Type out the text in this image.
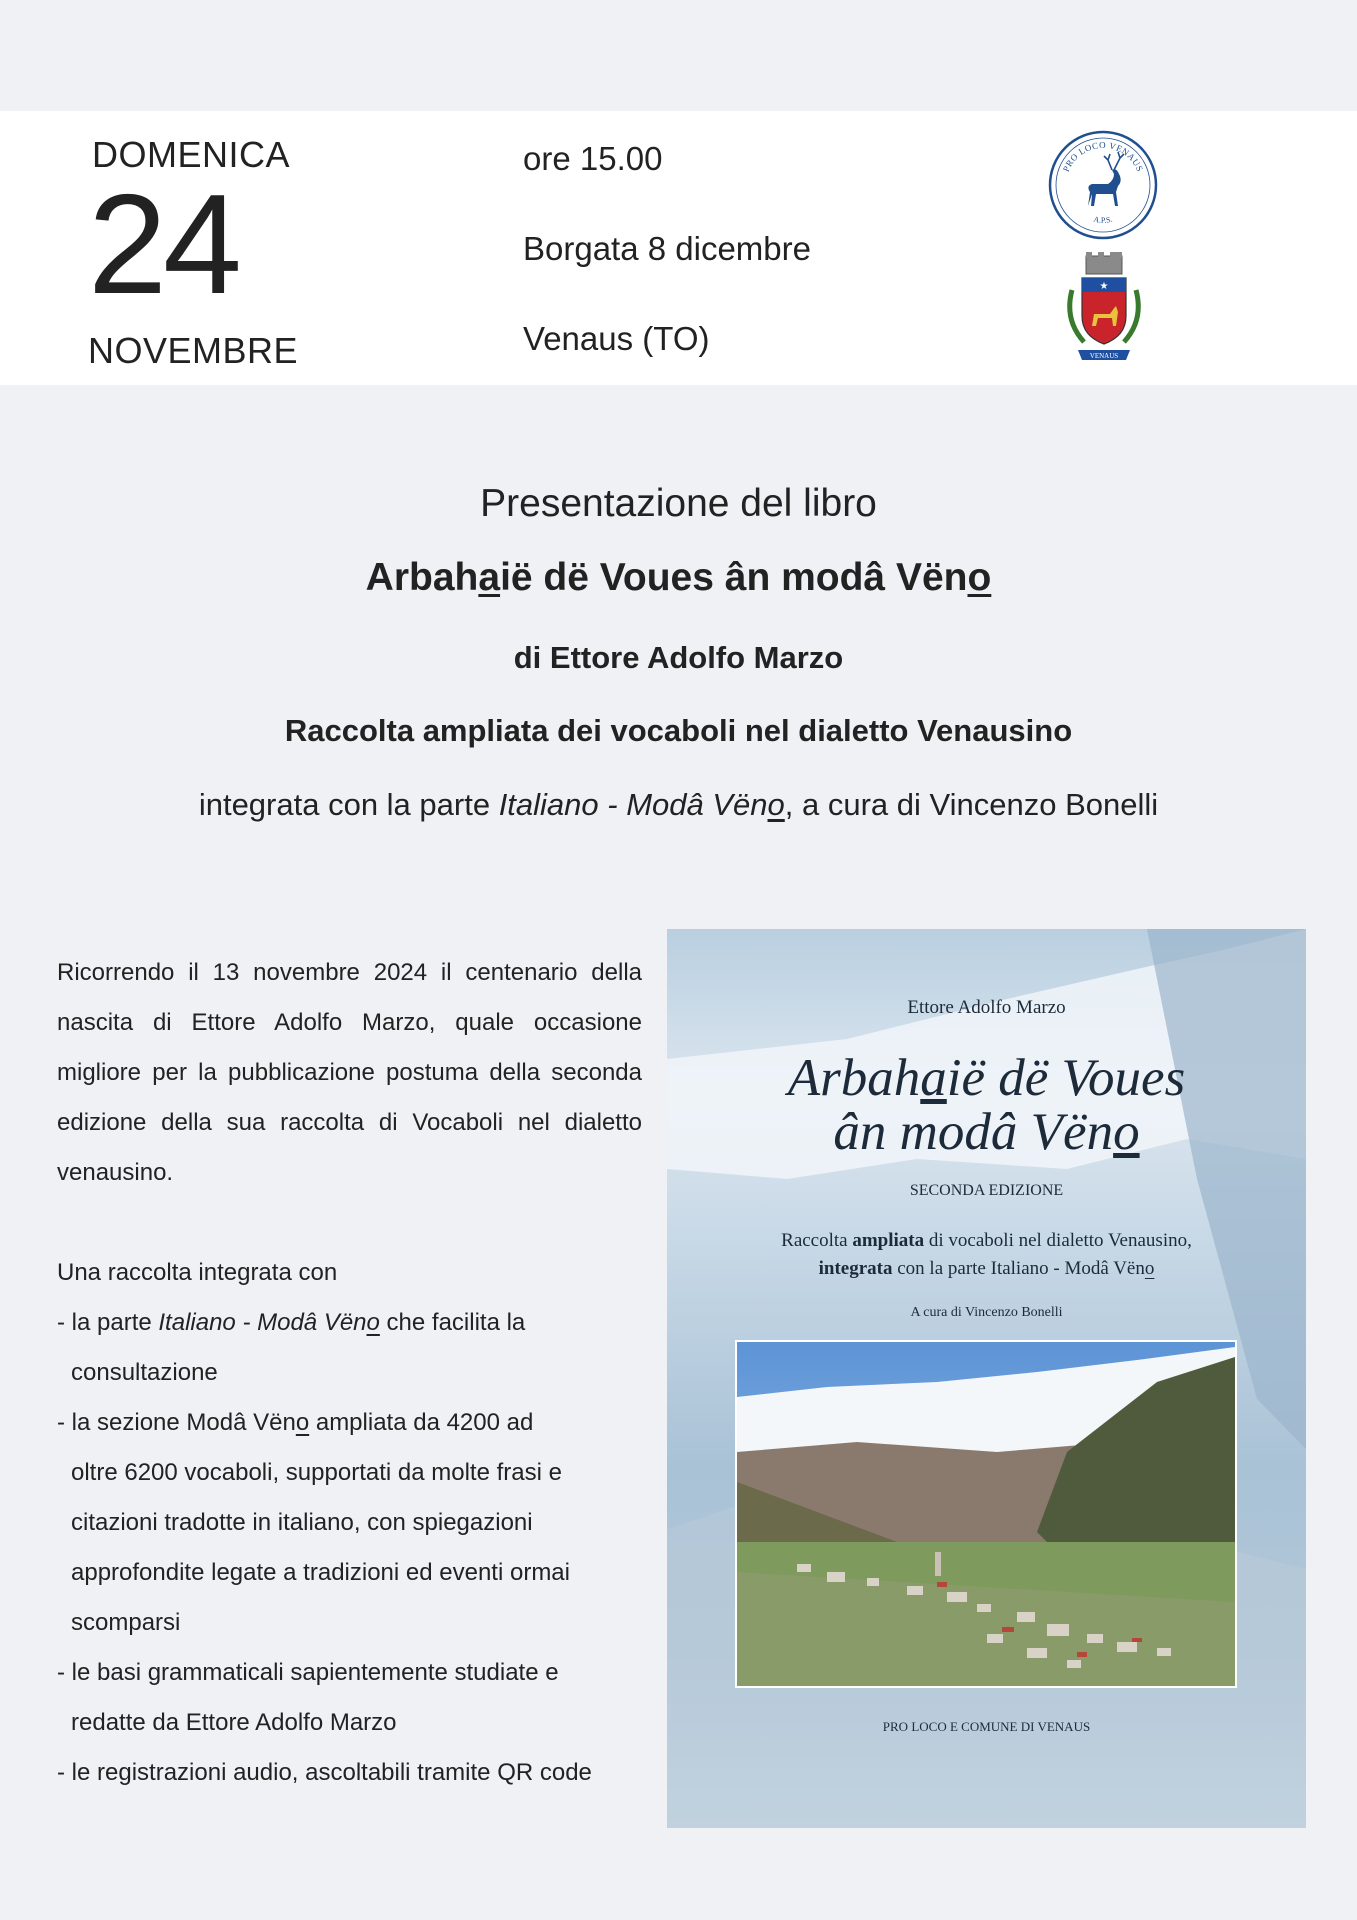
DOMENICA
24
NOVEMBRE
ore 15.00
Borgata 8 dicembre
Venaus (TO)
PRO LOCO VENAUS
A.P.S.
★
VENAUS
Presentazione del libro
Arbahaië dë Voues ân modâ Vëno
di Ettore Adolfo Marzo
Raccolta ampliata dei vocaboli nel dialetto Venausino
integrata con la parte Italiano - Modâ Vëno, a cura di Vincenzo Bonelli

Ricorrendo il 13 novembre 2024 il centenario della nascita di Ettore Adolfo Marzo, quale occasione migliore per la pubblicazione postuma della seconda edizione della sua raccolta di Vocaboli nel dialetto venausino.

Una raccolta integrata con

- la parte Italiano - Modâ Vëno che facilita la

consultazione

- la sezione Modâ Vëno ampliata da 4200 ad

oltre 6200 vocaboli, supportati da molte frasi e

citazioni tradotte in italiano, con spiegazioni

approfondite legate a tradizioni ed eventi ormai

scomparsi

- le basi grammaticali sapientemente studiate e

redatte da Ettore Adolfo Marzo

- le registrazioni audio, ascoltabili tramite QR code

Ettore Adolfo Marzo
Arbahaië dë Voues
ân modâ Vëno
SECONDA EDIZIONE
Raccolta ampliata di vocaboli nel dialetto Venausino,
integrata con la parte Italiano - Modâ Vëno
A cura di Vincenzo Bonelli
PRO LOCO E COMUNE DI VENAUS
